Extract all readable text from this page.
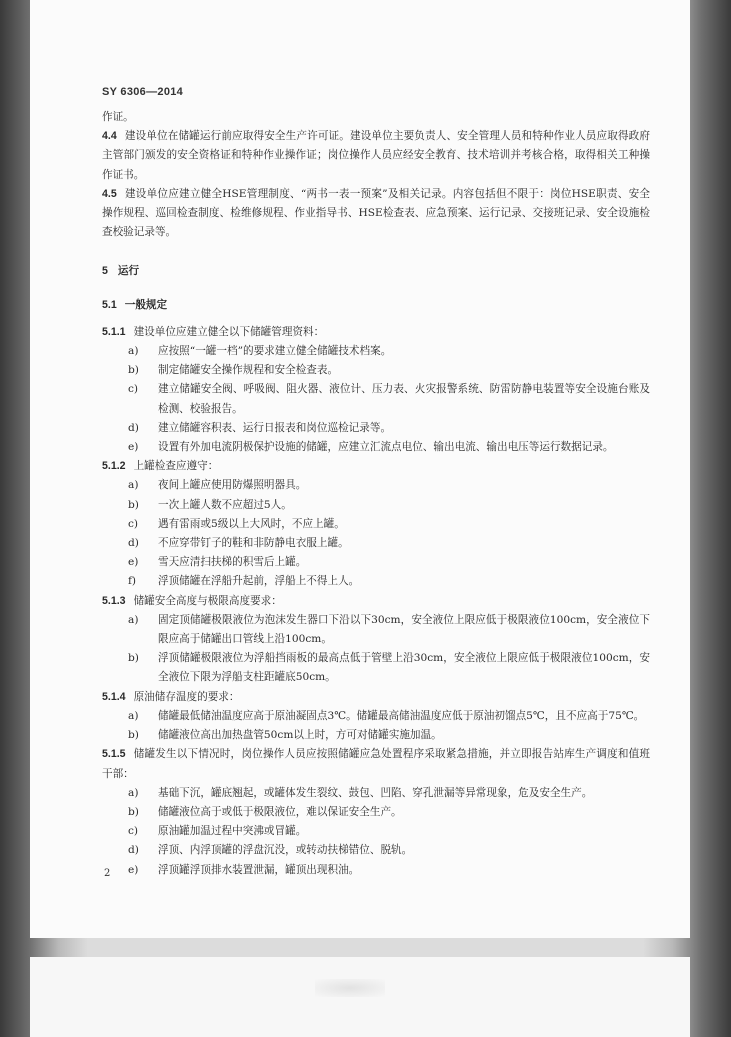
SY 6306—2014

作证。

4.4 建设单位在储罐运行前应取得安全生产许可证。建设单位主要负责人、安全管理人员和特种作业人员应取得政府主管部门颁发的安全资格证和特种作业操作证；岗位操作人员应经安全教育、技术培训并考核合格，取得相关工种操作证书。

4.5 建设单位应建立健全HSE管理制度、“两书一表一预案”及相关记录。内容包括但不限于：岗位HSE职责、安全操作规程、巡回检查制度、检维修规程、作业指导书、HSE检查表、应急预案、运行记录、交接班记录、安全设施检查校验记录等。

5 运行
5.1 一般规定

5.1.1 建设单位应建立健全以下储罐管理资料：

a) 应按照“一罐一档”的要求建立健全储罐技术档案。

b) 制定储罐安全操作规程和安全检查表。

c) 建立储罐安全阀、呼吸阀、阻火器、液位计、压力表、火灾报警系统、防雷防静电装置等安全设施台账及检测、校验报告。

d) 建立储罐容积表、运行日报表和岗位巡检记录等。

e) 设置有外加电流阴极保护设施的储罐，应建立汇流点电位、输出电流、输出电压等运行数据记录。

5.1.2 上罐检查应遵守：

a) 夜间上罐应使用防爆照明器具。

b) 一次上罐人数不应超过5人。

c) 遇有雷雨或5级以上大风时，不应上罐。

d) 不应穿带钉子的鞋和非防静电衣服上罐。

e) 雪天应清扫扶梯的积雪后上罐。

f) 浮顶储罐在浮船升起前，浮船上不得上人。

5.1.3 储罐安全高度与极限高度要求：

a) 固定顶储罐极限液位为泡沫发生器口下沿以下30cm，安全液位上限应低于极限液位100cm，安全液位下限应高于储罐出口管线上沿100cm。

b) 浮顶储罐极限液位为浮船挡雨板的最高点低于管壁上沿30cm，安全液位上限应低于极限液位100cm，安全液位下限为浮船支柱距罐底50cm。

5.1.4 原油储存温度的要求：

a) 储罐最低储油温度应高于原油凝固点3℃。储罐最高储油温度应低于原油初馏点5℃，且不应高于75℃。

b) 储罐液位高出加热盘管50cm以上时，方可对储罐实施加温。

5.1.5 储罐发生以下情况时，岗位操作人员应按照储罐应急处置程序采取紧急措施，并立即报告站库生产调度和值班干部：

a) 基础下沉，罐底翘起，或罐体发生裂纹、鼓包、凹陷、穿孔泄漏等异常现象，危及安全生产。

b) 储罐液位高于或低于极限液位，难以保证安全生产。

c) 原油罐加温过程中突沸或冒罐。

d) 浮顶、内浮顶罐的浮盘沉没，或转动扶梯错位、脱轨。

e) 浮顶罐浮顶排水装置泄漏，罐顶出现积油。

2
